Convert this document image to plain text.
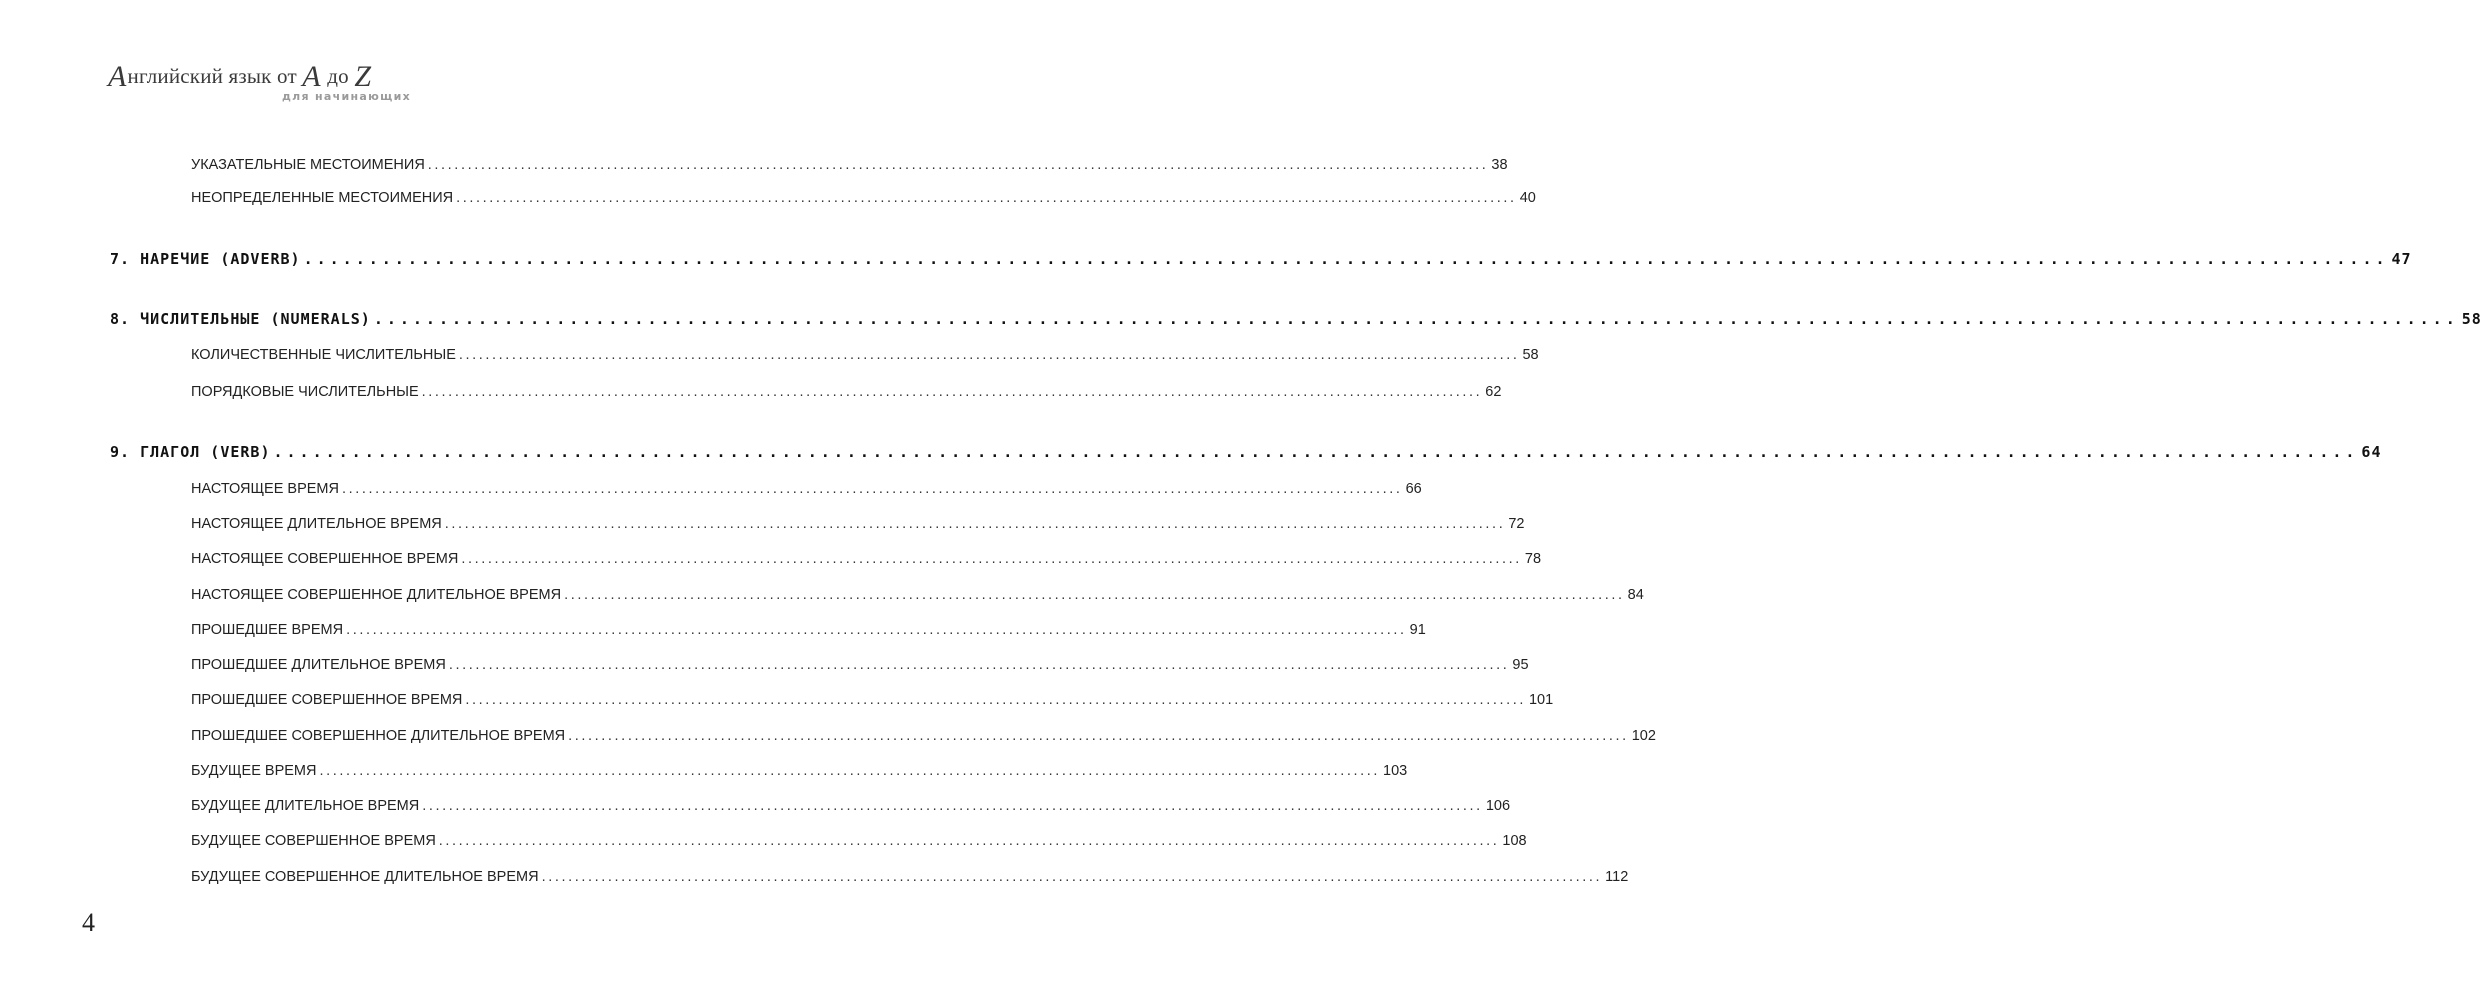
Английский язык от А до Z
для начинающих
УКАЗАТЕЛЬНЫЕ МЕСТОИМЕНИЯ ................................................................................................................................................................ 38
НЕОПРЕДЕЛЕННЫЕ МЕСТОИМЕНИЯ ................................................................................................................................................................ 40
7. НАРЕЧИЕ (ADVERB) ................................................................................................................................................................ 47
8. ЧИСЛИТЕЛЬНЫЕ (NUMERALS) ................................................................................................................................................................ 58
КОЛИЧЕСТВЕННЫЕ ЧИСЛИТЕЛЬНЫЕ ................................................................................................................................................................ 58
ПОРЯДКОВЫЕ ЧИСЛИТЕЛЬНЫЕ ................................................................................................................................................................ 62
9. ГЛАГОЛ (VERB) ................................................................................................................................................................ 64
НАСТОЯЩЕЕ ВРЕМЯ ................................................................................................................................................................ 66
НАСТОЯЩЕЕ ДЛИТЕЛЬНОЕ ВРЕМЯ ................................................................................................................................................................ 72
НАСТОЯЩЕЕ СОВЕРШЕННОЕ ВРЕМЯ ................................................................................................................................................................ 78
НАСТОЯЩЕЕ СОВЕРШЕННОЕ ДЛИТЕЛЬНОЕ ВРЕМЯ ................................................................................................................................................................ 84
ПРОШЕДШЕЕ ВРЕМЯ ................................................................................................................................................................ 91
ПРОШЕДШЕЕ ДЛИТЕЛЬНОЕ ВРЕМЯ ................................................................................................................................................................ 95
ПРОШЕДШЕЕ СОВЕРШЕННОЕ ВРЕМЯ ................................................................................................................................................................ 101
ПРОШЕДШЕЕ СОВЕРШЕННОЕ ДЛИТЕЛЬНОЕ ВРЕМЯ ................................................................................................................................................................ 102
БУДУЩЕЕ ВРЕМЯ ................................................................................................................................................................ 103
БУДУЩЕЕ ДЛИТЕЛЬНОЕ ВРЕМЯ ................................................................................................................................................................ 106
БУДУЩЕЕ СОВЕРШЕННОЕ ВРЕМЯ ................................................................................................................................................................ 108
БУДУЩЕЕ СОВЕРШЕННОЕ ДЛИТЕЛЬНОЕ ВРЕМЯ ................................................................................................................................................................ 112
4
